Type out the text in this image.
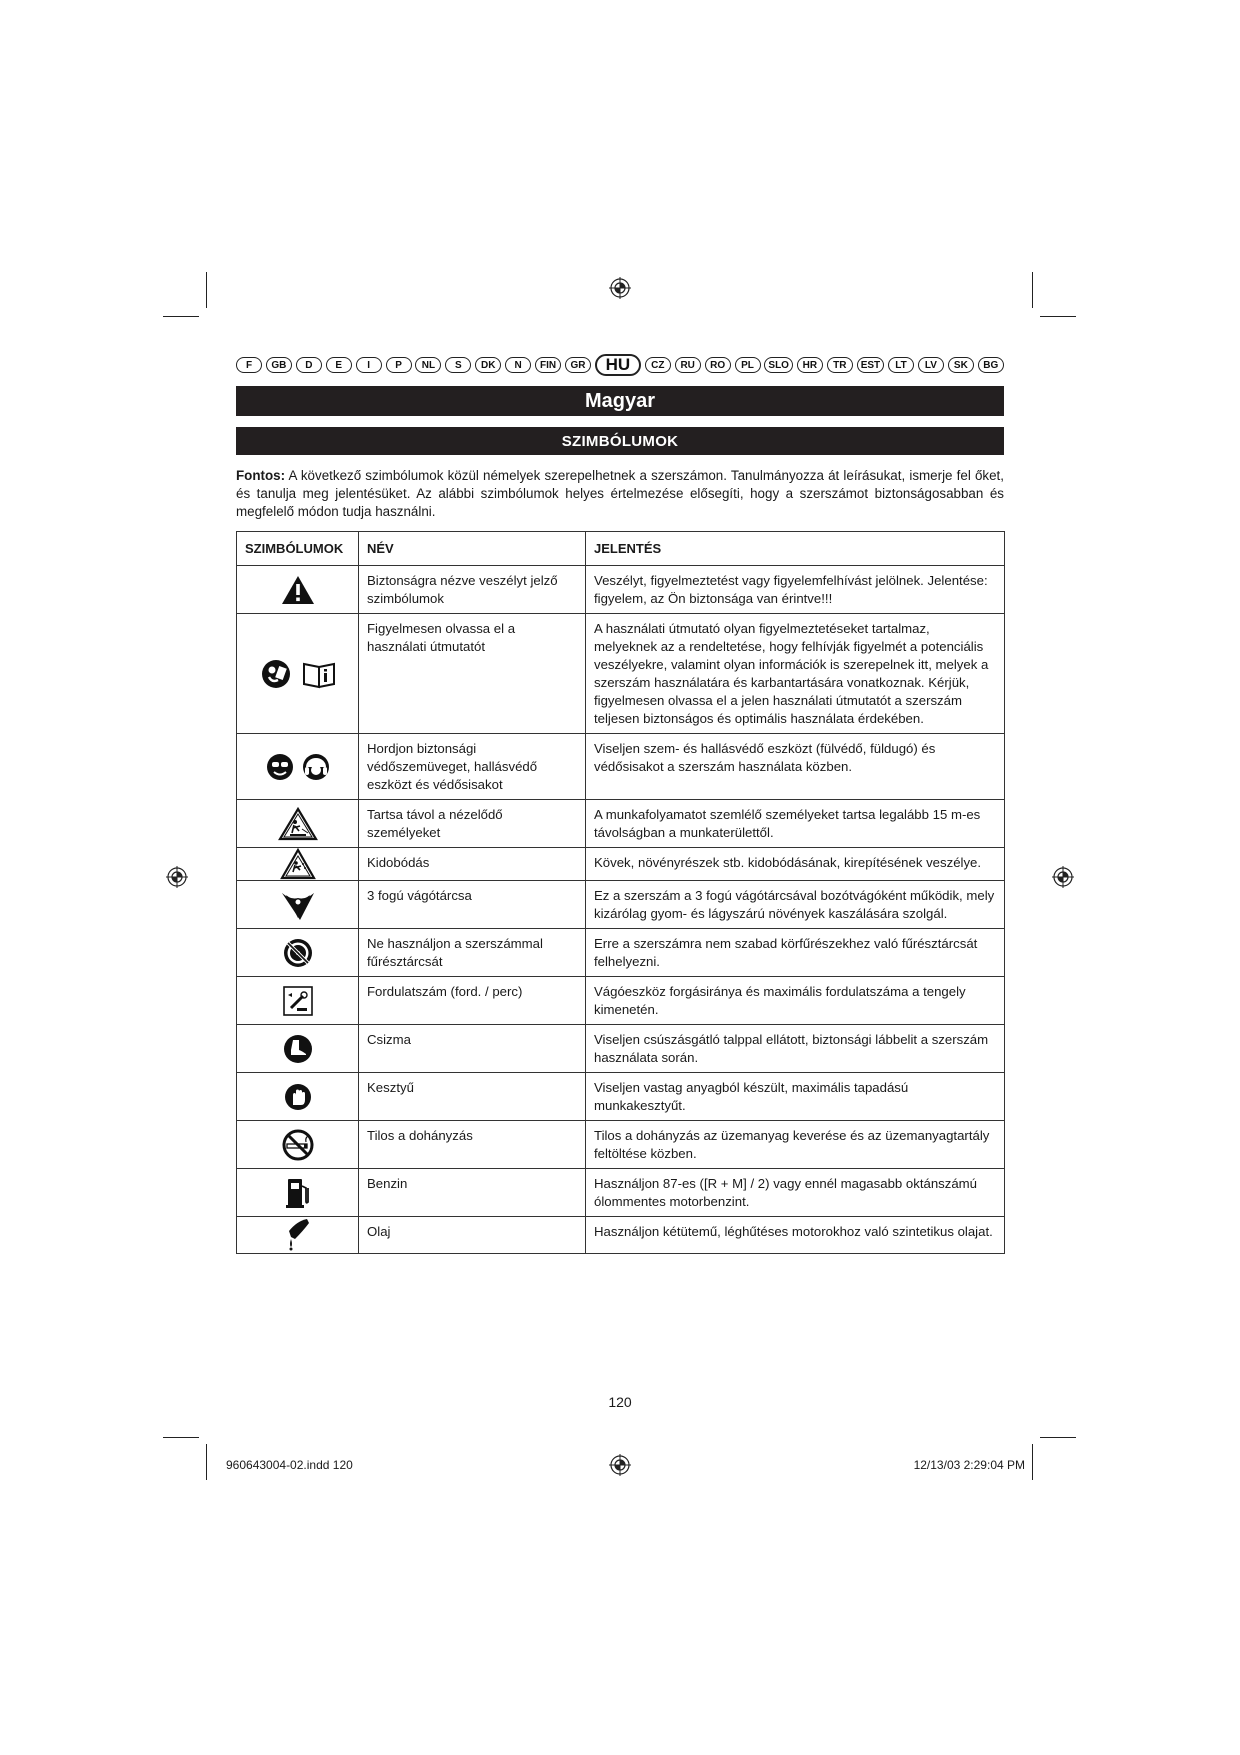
F	GB	D	E	I	P	NL	S	DK	N	FIN	GR	HU	CZ	RU	RO	PL	SLO	HR	TR	EST	LT	LV	SK	BG
Magyar
SZIMBÓLUMOK

Fontos: A következő szimbólumok közül némelyek szerepelhetnek a szerszámon. Tanulmányozza át leírásukat, ismerje fel őket, és tanulja meg jelentésüket. Az alábbi szimbólumok helyes értelmezése elősegíti, hogy a szerszámot biztonságosabban és megfelelő módon tudja használni.

SZIMBÓLUMOK	NÉV	JELENTÉS
	Biztonságra nézve veszélyt jelző szimbólumok	Veszélyt, figyelmeztetést vagy figyelemfelhívást jelölnek. Jelentése: figyelem, az Ön biztonsága van érintve!!!
	Figyelmesen olvassa el a használati útmutatót	A használati útmutató olyan figyelmeztetéseket tartalmaz, melyeknek az a rendeltetése, hogy felhívják figyelmét a potenciális veszélyekre, valamint olyan információk is szerepelnek itt, melyek a szerszám használatára és karbantartására vonatkoznak. Kérjük, figyelmesen olvassa el a jelen használati útmutatót a szerszám teljesen biztonságos és optimális használata érdekében.
	Hordjon biztonsági védőszemüveget, hallásvédő eszközt és védősisakot	Viseljen szem- és hallásvédő eszközt (fülvédő, füldugó) és védősisakot a szerszám használata közben.
	Tartsa távol a nézelődő személyeket	A munkafolyamatot szemlélő személyeket tartsa legalább 15 m-es távolságban a munkaterülettől.
	Kidobódás	Kövek, növényrészek stb. kidobódásának, kirepítésének veszélye.
	3 fogú vágótárcsa	Ez a szerszám a 3 fogú vágótárcsával bozótvágóként működik, mely kizárólag gyom- és lágyszárú növények kaszálására szolgál.
	Ne használjon a szerszámmal fűrésztárcsát	Erre a szerszámra nem szabad körfűrészekhez való fűrésztárcsát felhelyezni.
	Fordulatszám (ford. / perc)	Vágóeszköz forgásiránya és maximális fordulatszáma a tengely kimenetén.
	Csizma	Viseljen csúszásgátló talppal ellátott, biztonsági lábbelit a szerszám használata során.
	Kesztyű	Viseljen vastag anyagból készült, maximális tapadású munkakesztyűt.
	Tilos a dohányzás	Tilos a dohányzás az üzemanyag keverése és az üzemanyagtartály feltöltése közben.
	Benzin	Használjon 87-es ([R + M] / 2) vagy ennél magasabb oktánszámú ólommentes motorbenzint.
	Olaj	Használjon kétütemű, léghűtéses motorokhoz való szintetikus olajat.
120
960643004-02.indd 120	12/13/03 2:29:04 PM
